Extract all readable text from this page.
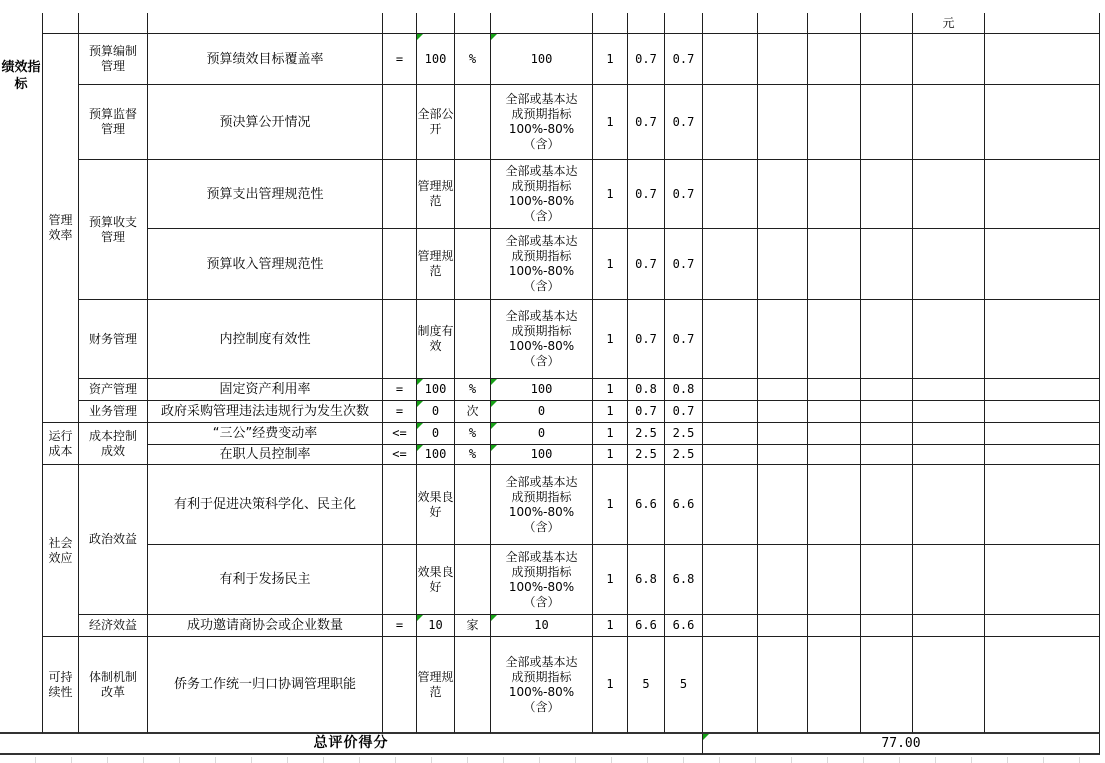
元
绩效指标
管理效率
运行成本
社会效应
可持续性
预算编制管理
预算监督管理
预算收支管理
财务管理
资产管理
业务管理
成本控制成效
政治效益
经济效益
体制机制改革
预算绩效目标覆盖率
预决算公开情况
预算支出管理规范性
预算收入管理规范性
内控制度有效性
固定资产利用率
政府采购管理违法违规行为发生次数
“三公”经费变动率
在职人员控制率
有利于促进决策科学化、民主化
有利于发扬民主
成功邀请商协会或企业数量
侨务工作统一归口协调管理职能
=
=
=
<=
<=
=
100
全部公开
管理规范
管理规范
制度有效
100
0
0
100
效果良好
效果良好
10
管理规范
%
%
次
%
%
家
100
全部或基本达成预期指标100%-80%（含）
全部或基本达成预期指标100%-80%（含）
全部或基本达成预期指标100%-80%（含）
全部或基本达成预期指标100%-80%（含）
100
0
0
100
全部或基本达成预期指标100%-80%（含）
全部或基本达成预期指标100%-80%（含）
10
全部或基本达成预期指标100%-80%（含）
1
1
1
1
1
1
1
1
1
1
1
1
1
0.7
0.7
0.7
0.7
0.7
0.8
0.7
2.5
2.5
6.6
6.8
6.6
5
0.7
0.7
0.7
0.7
0.7
0.8
0.7
2.5
2.5
6.6
6.8
6.6
5
总评价得分	77.00
